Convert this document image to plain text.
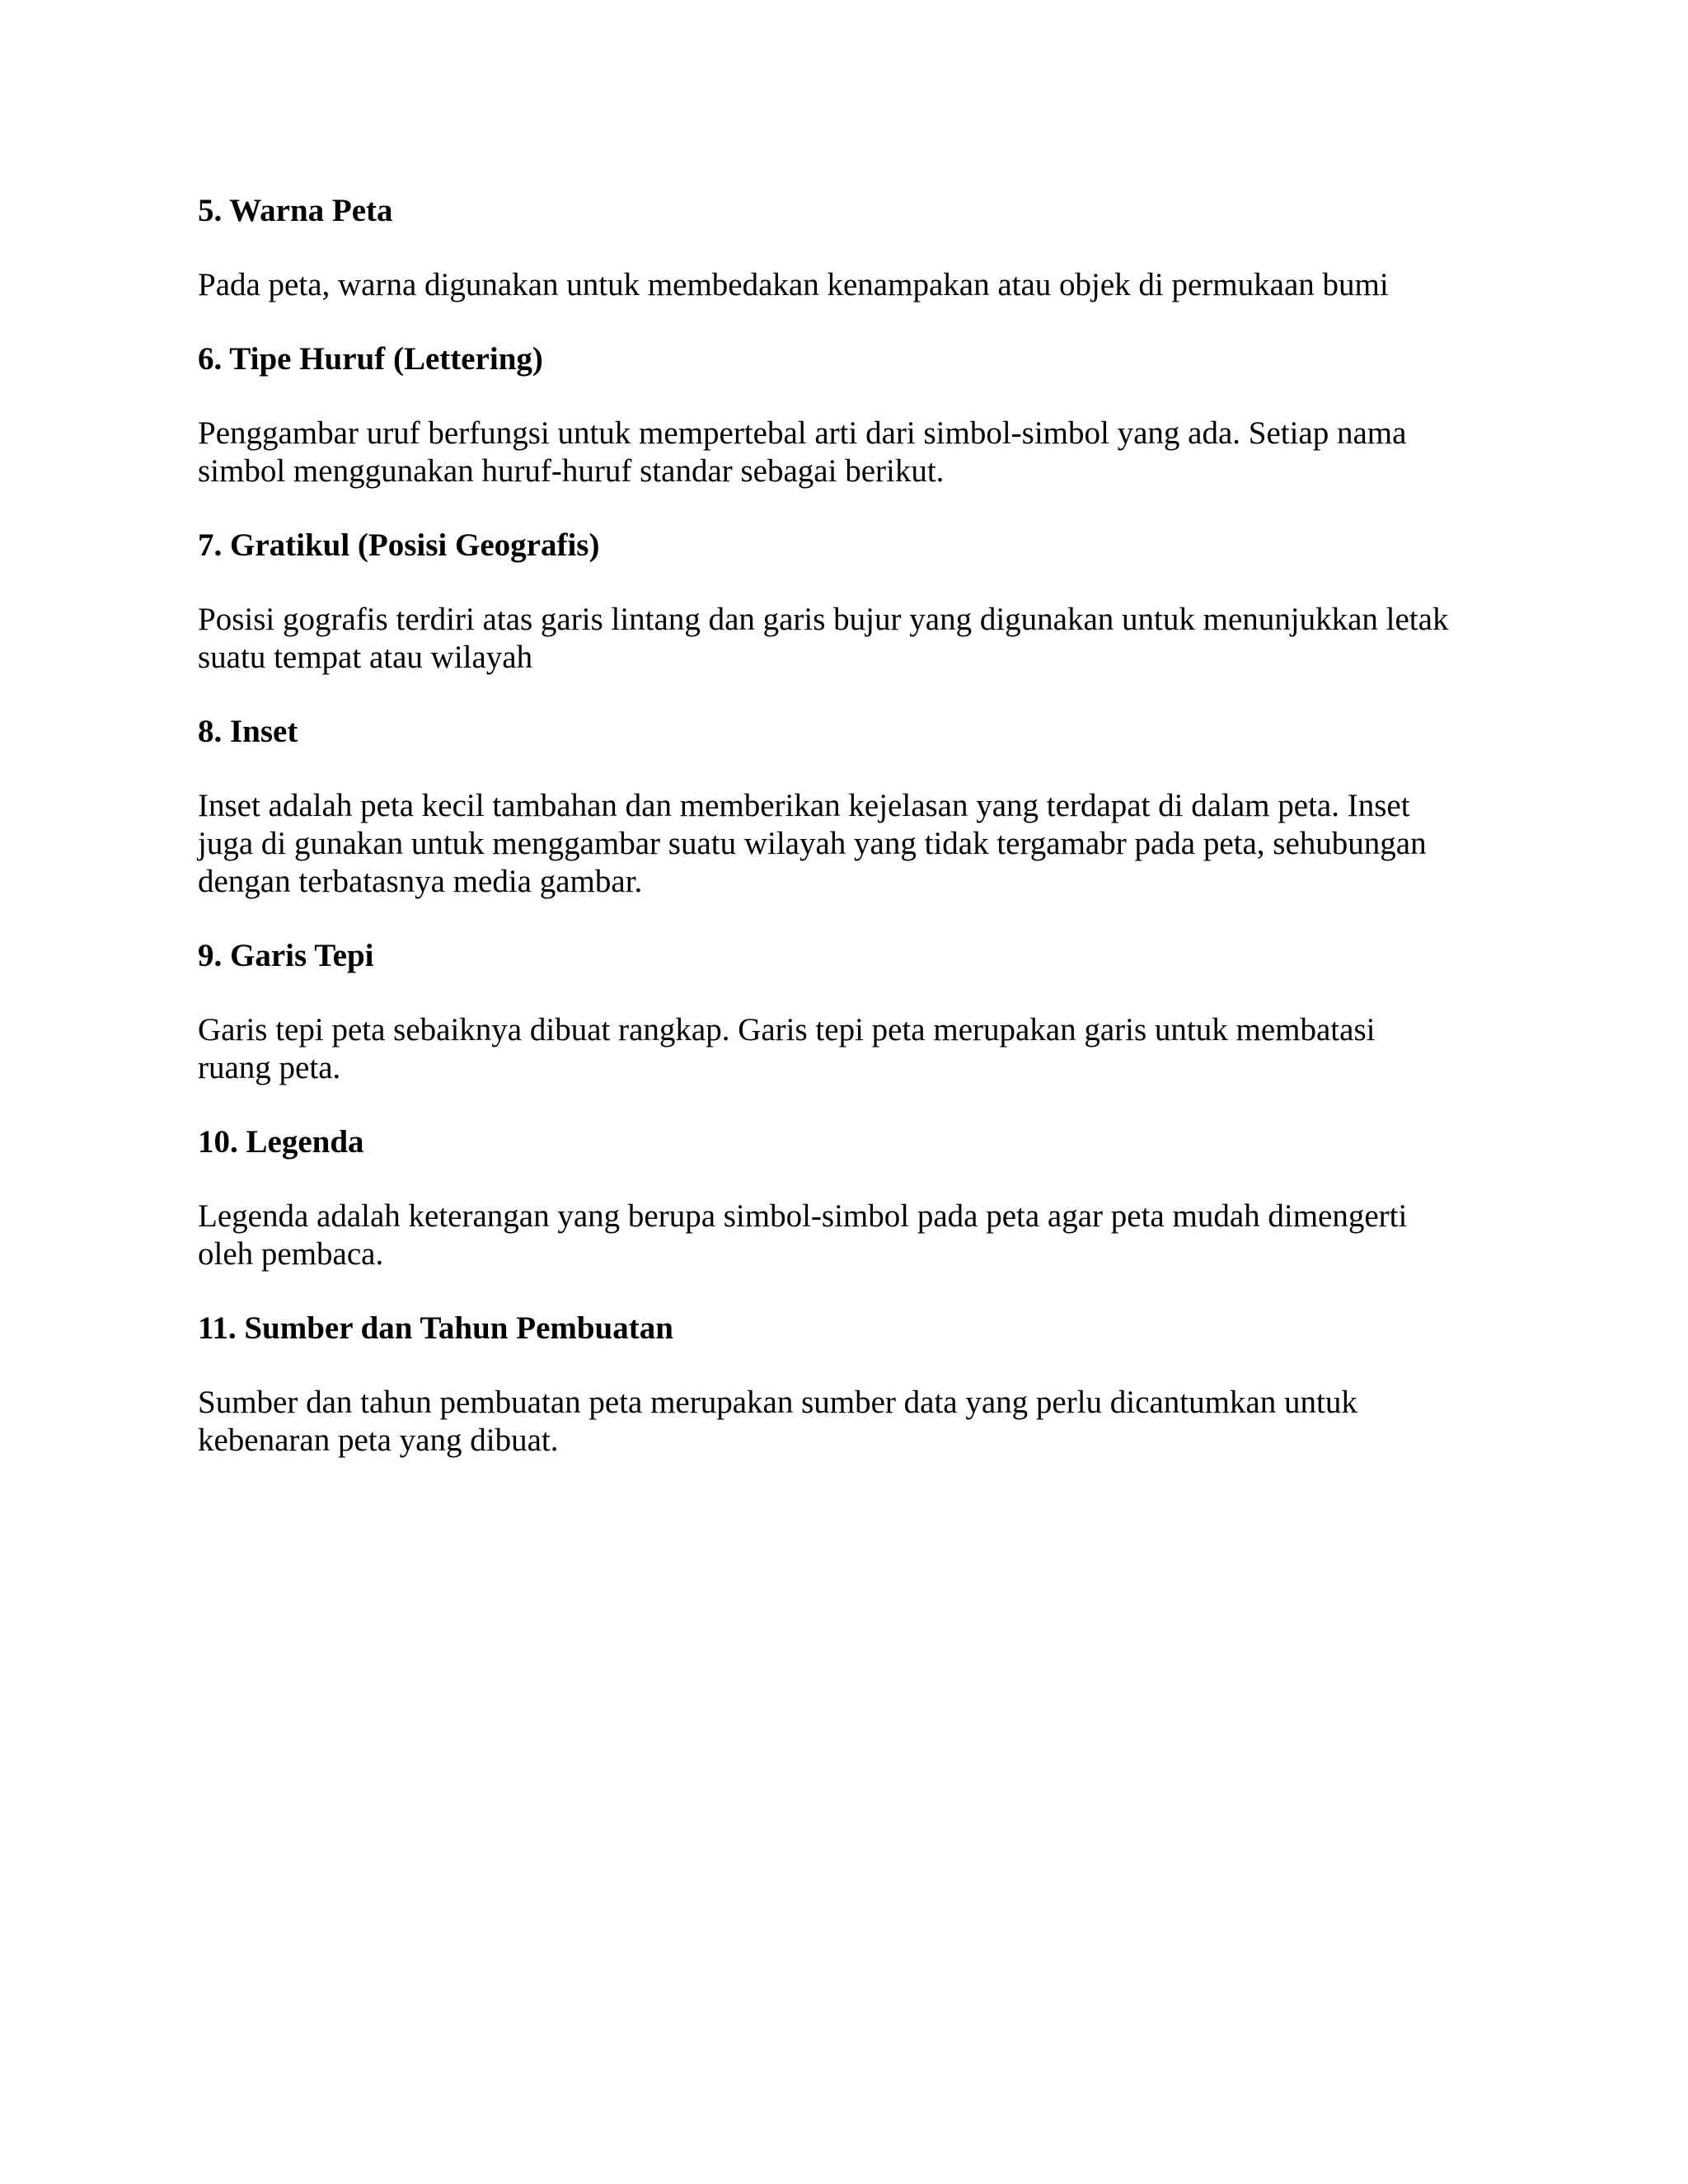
5. Warna Peta
Pada peta, warna digunakan untuk membedakan kenampakan atau objek di permukaan bumi
6. Tipe Huruf (Lettering)
Penggambar uruf berfungsi untuk mempertebal arti dari simbol-simbol yang ada. Setiap nama
simbol menggunakan huruf-huruf standar sebagai berikut.
7. Gratikul (Posisi Geografis)
Posisi gografis terdiri atas garis lintang dan garis bujur yang digunakan untuk menunjukkan letak
suatu tempat atau wilayah
8. Inset
Inset adalah peta kecil tambahan dan memberikan kejelasan yang terdapat di dalam peta. Inset
juga di gunakan untuk menggambar suatu wilayah yang tidak tergamabr pada peta, sehubungan
dengan terbatasnya media gambar.
9. Garis Tepi
Garis tepi peta sebaiknya dibuat rangkap. Garis tepi peta merupakan garis untuk membatasi
ruang peta.
10. Legenda
Legenda adalah keterangan yang berupa simbol-simbol pada peta agar peta mudah dimengerti
oleh pembaca.
11. Sumber dan Tahun Pembuatan
Sumber dan tahun pembuatan peta merupakan sumber data yang perlu dicantumkan untuk
kebenaran peta yang dibuat.
